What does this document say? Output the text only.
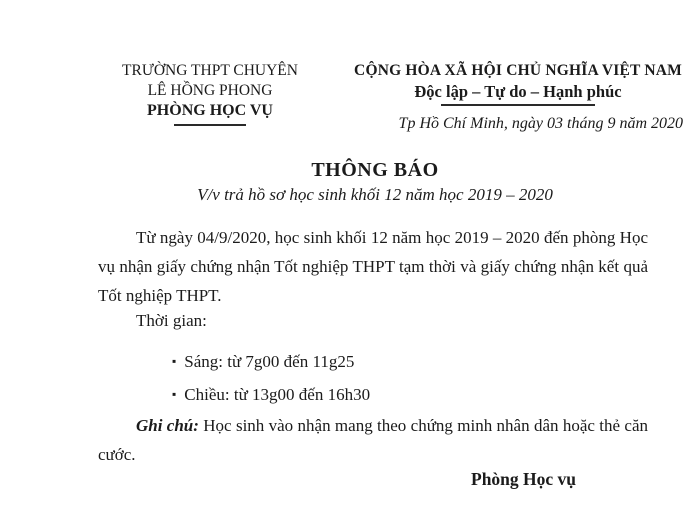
TRƯỜNG THPT CHUYÊN
LÊ HỒNG PHONG
PHÒNG HỌC VỤ
CỘNG HÒA XÃ HỘI CHỦ NGHĨA VIỆT NAM
Độc lập – Tự do – Hạnh phúc
Tp Hồ Chí Minh, ngày 03 tháng 9 năm 2020
THÔNG BÁO
V/v trả hồ sơ học sinh khối 12 năm học 2019 – 2020
Từ ngày 04/9/2020, học sinh khối 12 năm học 2019 – 2020 đến phòng Học vụ nhận giấy chứng nhận Tốt nghiệp THPT tạm thời và giấy chứng nhận kết quả Tốt nghiệp THPT.
Thời gian:
▪ Sáng: từ 7g00 đến 11g25
▪ Chiều: từ 13g00 đến 16h30
Ghi chú: Học sinh vào nhận mang theo chứng minh nhân dân hoặc thẻ căn cước.
Phòng Học vụ
